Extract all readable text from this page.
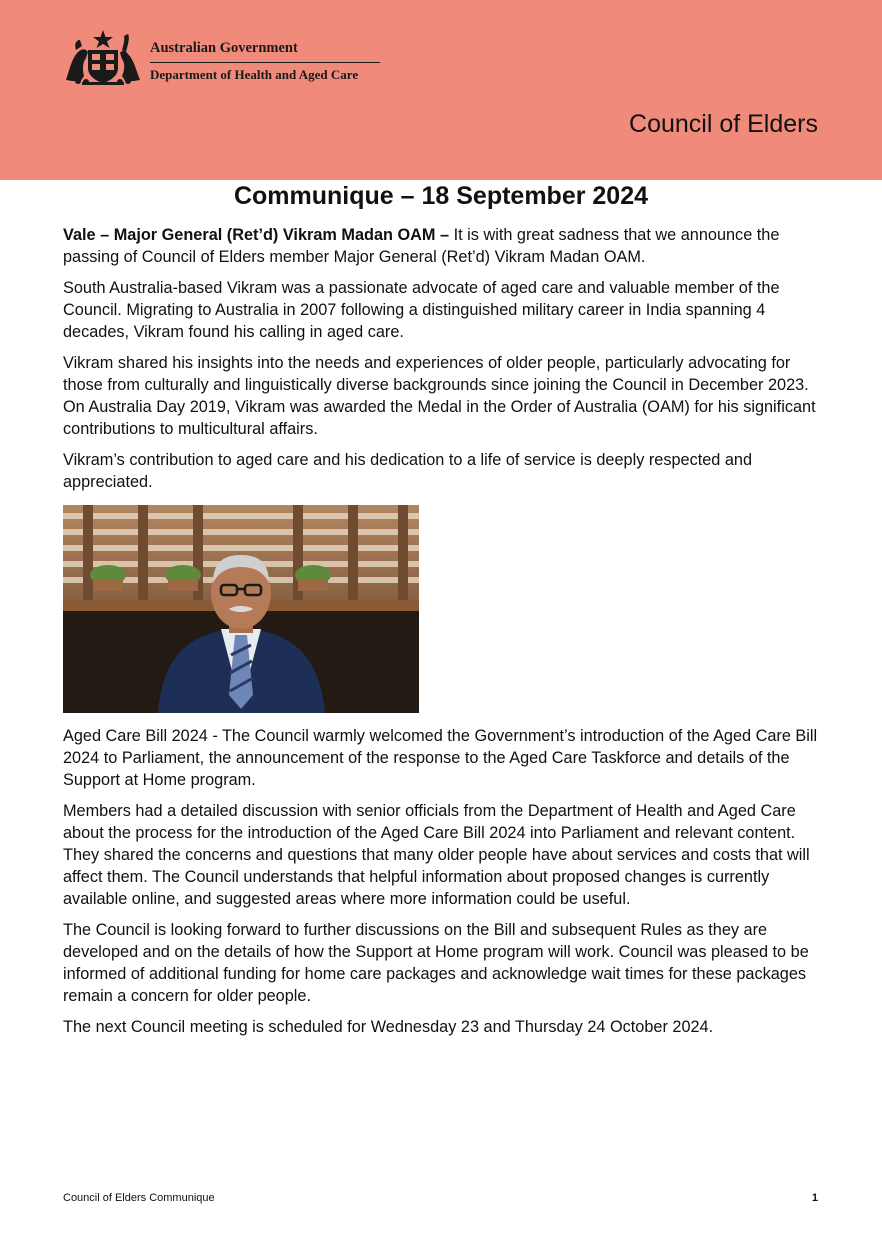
Australian Government
Department of Health and Aged Care
Council of Elders
Communique – 18 September 2024

Vale – Major General (Ret’d) Vikram Madan OAM – It is with great sadness that we announce the passing of Council of Elders member Major General (Ret’d) Vikram Madan OAM.

South Australia-based Vikram was a passionate advocate of aged care and valuable member of the Council. Migrating to Australia in 2007 following a distinguished military career in India spanning 4 decades, Vikram found his calling in aged care.

Vikram shared his insights into the needs and experiences of older people, particularly advocating for those from culturally and linguistically diverse backgrounds since joining the Council in December 2023. On Australia Day 2019, Vikram was awarded the Medal in the Order of Australia (OAM) for his significant contributions to multicultural affairs.

Vikram’s contribution to aged care and his dedication to a life of service is deeply respected and appreciated.

Aged Care Bill 2024 - The Council warmly welcomed the Government’s introduction of the Aged Care Bill 2024 to Parliament, the announcement of the response to the Aged Care Taskforce and details of the Support at Home program.

Members had a detailed discussion with senior officials from the Department of Health and Aged Care about the process for the introduction of the Aged Care Bill 2024 into Parliament and relevant content. They shared the concerns and questions that many older people have about services and costs that will affect them. The Council understands that helpful information about proposed changes is currently available online, and suggested areas where more information could be useful.

The Council is looking forward to further discussions on the Bill and subsequent Rules as they are developed and on the details of how the Support at Home program will work. Council was pleased to be informed of additional funding for home care packages and acknowledge wait times for these packages remain a concern for older people.

The next Council meeting is scheduled for Wednesday 23 and Thursday 24 October 2024.

Council of Elders Communique	1
